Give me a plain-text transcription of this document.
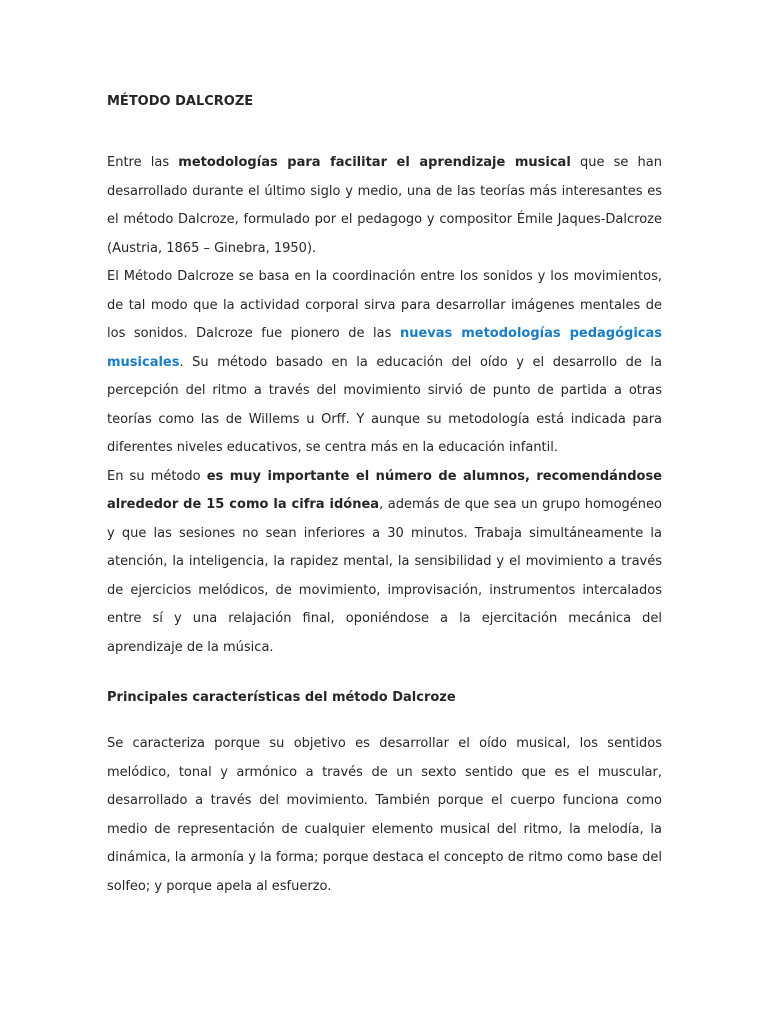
MÉTODO DALCROZE

Entre las metodologías para facilitar el aprendizaje musical que se han desarrollado durante el último siglo y medio, una de las teorías más interesantes es el método Dalcroze, formulado por el pedagogo y compositor Émile Jaques-Dalcroze (Austria, 1865 – Ginebra, 1950).

El Método Dalcroze se basa en la coordinación entre los sonidos y los movimientos, de tal modo que la actividad corporal sirva para desarrollar imágenes mentales de los sonidos. Dalcroze fue pionero de las nuevas metodologías pedagógicas musicales. Su método basado en la educación del oído y el desarrollo de la percepción del ritmo a través del movimiento sirvió de punto de partida a otras teorías como las de Willems u Orff. Y aunque su metodología está indicada para diferentes niveles educativos, se centra más en la educación infantil.

En su método es muy importante el número de alumnos, recomendándose alrededor de 15 como la cifra idónea, además de que sea un grupo homogéneo y que las sesiones no sean inferiores a 30 minutos. Trabaja simultáneamente la atención, la inteligencia, la rapidez mental, la sensibilidad y el movimiento a través de ejercicios melódicos, de movimiento, improvisación, instrumentos intercalados entre sí y una relajación final, oponiéndose a la ejercitación mecánica del aprendizaje de la música.

Principales características del método Dalcroze

Se caracteriza porque su objetivo es desarrollar el oído musical, los sentidos melódico, tonal y armónico a través de un sexto sentido que es el muscular, desarrollado a través del movimiento. También porque el cuerpo funciona como medio de representación de cualquier elemento musical del ritmo, la melodía, la dinámica, la armonía y la forma; porque destaca el concepto de ritmo como base del solfeo; y porque apela al esfuerzo.
